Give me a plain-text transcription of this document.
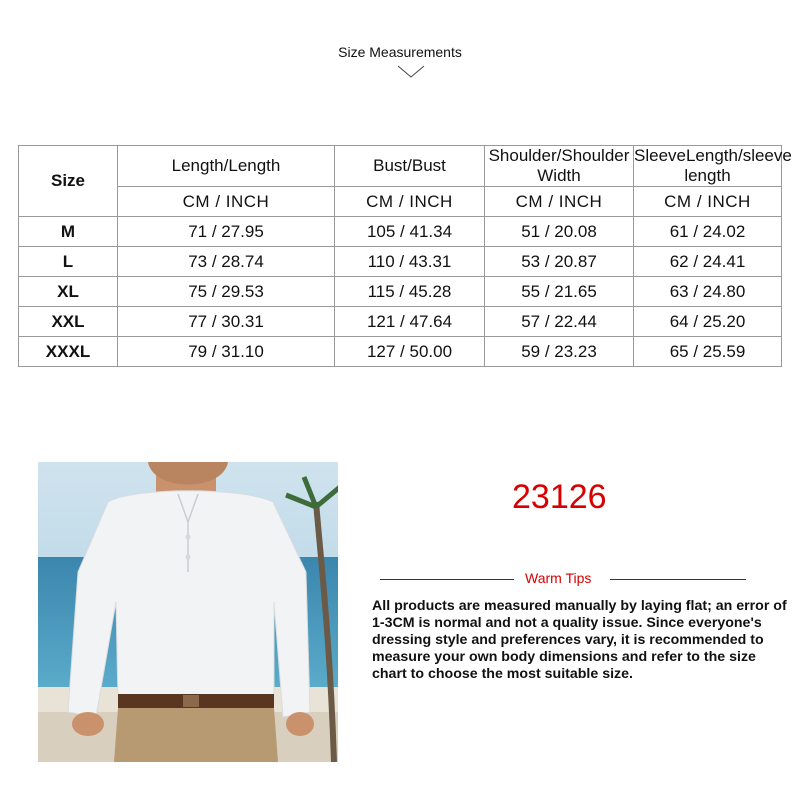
Size Measurements
Size	Length/Length	Bust/Bust	Shoulder/Shoulder Width	SleeveLength/sleeve length
	CM / INCH	CM / INCH	CM / INCH	CM / INCH
M	71 / 27.95	105 / 41.34	51 / 20.08	61 / 24.02
L	73 / 28.74	110 / 43.31	53 / 20.87	62 / 24.41
XL	75 / 29.53	115 / 45.28	55 / 21.65	63 / 24.80
XXL	77 / 30.31	121 / 47.64	57 / 22.44	64 / 25.20
XXXL	79 / 31.10	127 / 50.00	59 / 23.23	65 / 25.59
23126
Warm Tips
All products are measured manually by laying flat; an error of 1-3CM is normal and not a quality issue. Since everyone's dressing style and preferences vary, it is recommended to measure your own body dimensions and refer to the size chart to choose the most suitable size.
